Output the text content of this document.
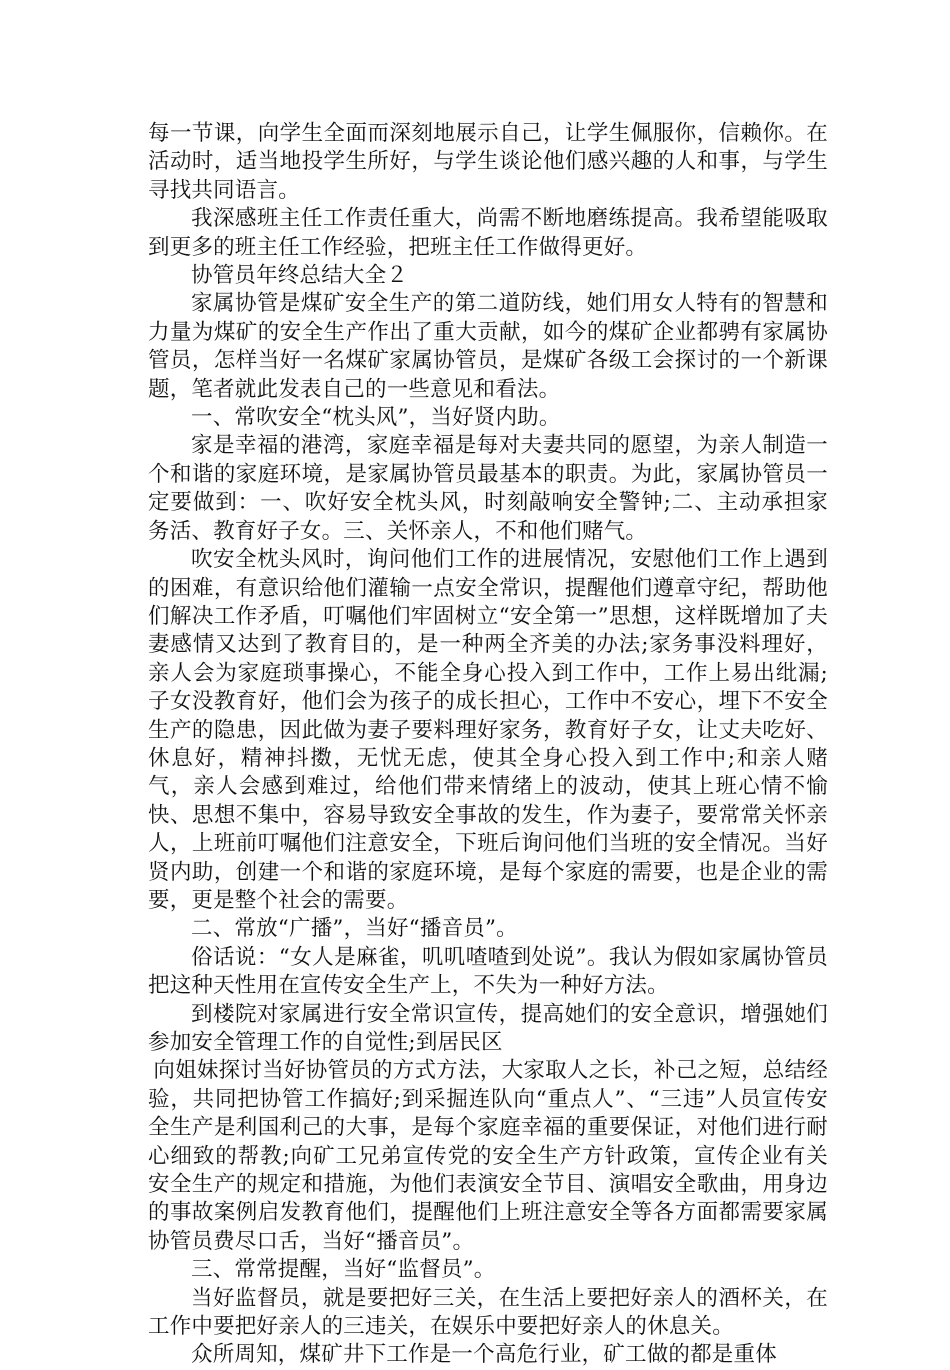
每一节课，向学生全面而深刻地展示自己，让学生佩服你，信赖你。在活动时，适当地投学生所好，与学生谈论他们感兴趣的人和事，与学生寻找共同语言。

我深感班主任工作责任重大，尚需不断地磨练提高。我希望能吸取到更多的班主任工作经验，把班主任工作做得更好。

协管员年终总结大全２

家属协管是煤矿安全生产的第二道防线，她们用女人特有的智慧和力量为煤矿的安全生产作出了重大贡献，如今的煤矿企业都骋有家属协管员，怎样当好一名煤矿家属协管员，是煤矿各级工会探讨的一个新课题，笔者就此发表自己的一些意见和看法。

一、常吹安全“枕头风”，当好贤内助。

家是幸福的港湾，家庭幸福是每对夫妻共同的愿望，为亲人制造一个和谐的家庭环境，是家属协管员最基本的职责。为此，家属协管员一定要做到：一、吹好安全枕头风，时刻敲响安全警钟;二、主动承担家务活、教育好子女。三、关怀亲人，不和他们赌气。

吹安全枕头风时，询问他们工作的进展情况，安慰他们工作上遇到的困难，有意识给他们灌输一点安全常识，提醒他们遵章守纪，帮助他们解决工作矛盾，叮嘱他们牢固树立“安全第一”思想，这样既增加了夫妻感情又达到了教育目的，是一种两全齐美的办法;家务事没料理好，亲人会为家庭琐事操心，不能全身心投入到工作中，工作上易出纰漏;子女没教育好，他们会为孩子的成长担心，工作中不安心，埋下不安全生产的隐患，因此做为妻子要料理好家务，教育好子女，让丈夫吃好、休息好，精神抖擞，无忧无虑，使其全身心投入到工作中;和亲人赌气，亲人会感到难过，给他们带来情绪上的波动，使其上班心情不愉快、思想不集中，容易导致安全事故的发生，作为妻子，要常常关怀亲人，上班前叮嘱他们注意安全，下班后询问他们当班的安全情况。当好贤内助，创建一个和谐的家庭环境，是每个家庭的需要，也是企业的需要，更是整个社会的需要。

二、常放“广播”，当好“播音员”。

俗话说：“女人是麻雀，叽叽喳喳到处说”。我认为假如家属协管员把这种天性用在宣传安全生产上，不失为一种好方法。

到楼院对家属进行安全常识宣传，提高她们的安全意识，增强她们参加安全管理工作的自觉性;到居民区

向姐妹探讨当好协管员的方式方法，大家取人之长，补己之短，总结经验，共同把协管工作搞好;到采掘连队向“重点人”、“三违”人员宣传安全生产是利国利己的大事，是每个家庭幸福的重要保证，对他们进行耐心细致的帮教;向矿工兄弟宣传党的安全生产方针政策，宣传企业有关安全生产的规定和措施，为他们表演安全节目、演唱安全歌曲，用身边的事故案例启发教育他们，提醒他们上班注意安全等各方面都需要家属协管员费尽口舌，当好“播音员”。

三、常常提醒，当好“监督员”。

当好监督员，就是要把好三关，在生活上要把好亲人的酒杯关，在工作中要把好亲人的三违关，在娱乐中要把好亲人的休息关。

众所周知，煤矿井下工作是一个高危行业，矿工做的都是重体
